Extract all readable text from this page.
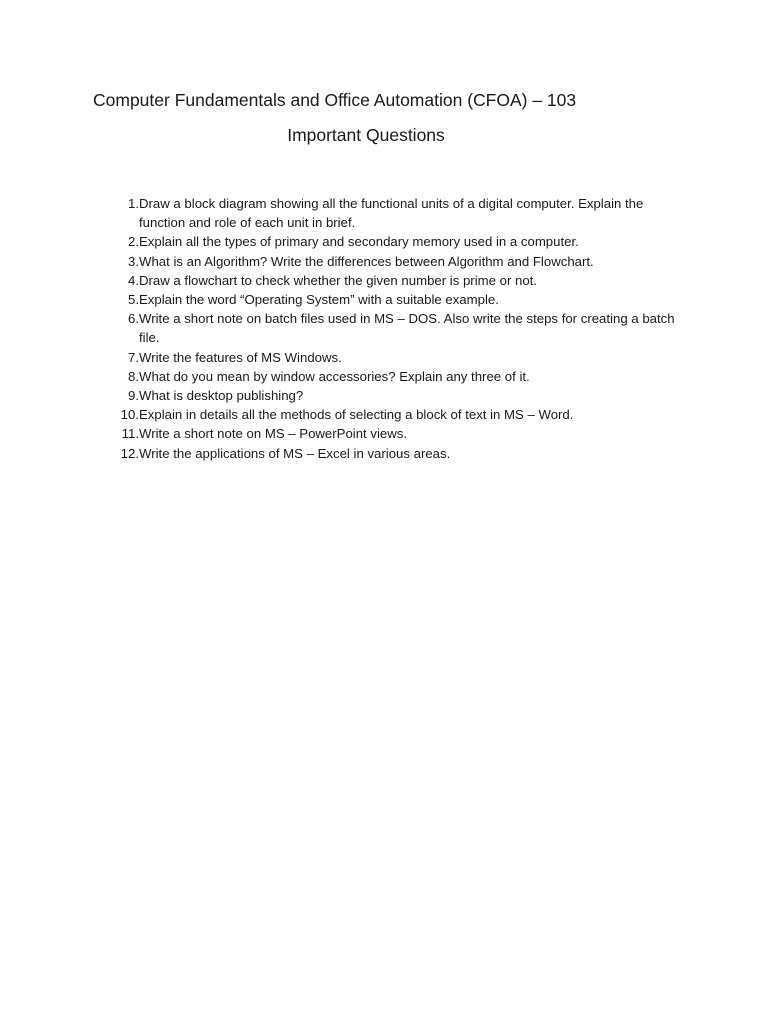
Computer Fundamentals and Office Automation (CFOA) – 103
Important Questions
1. Draw a block diagram showing all the functional units of a digital computer. Explain the function and role of each unit in brief.
2. Explain all the types of primary and secondary memory used in a computer.
3. What is an Algorithm? Write the differences between Algorithm and Flowchart.
4. Draw a flowchart to check whether the given number is prime or not.
5. Explain the word “Operating System” with a suitable example.
6. Write a short note on batch files used in MS – DOS. Also write the steps for creating a batch file.
7. Write the features of MS Windows.
8. What do you mean by window accessories? Explain any three of it.
9. What is desktop publishing?
10. Explain in details all the methods of selecting a block of text in MS – Word.
11. Write a short note on MS – PowerPoint views.
12. Write the applications of MS – Excel in various areas.
